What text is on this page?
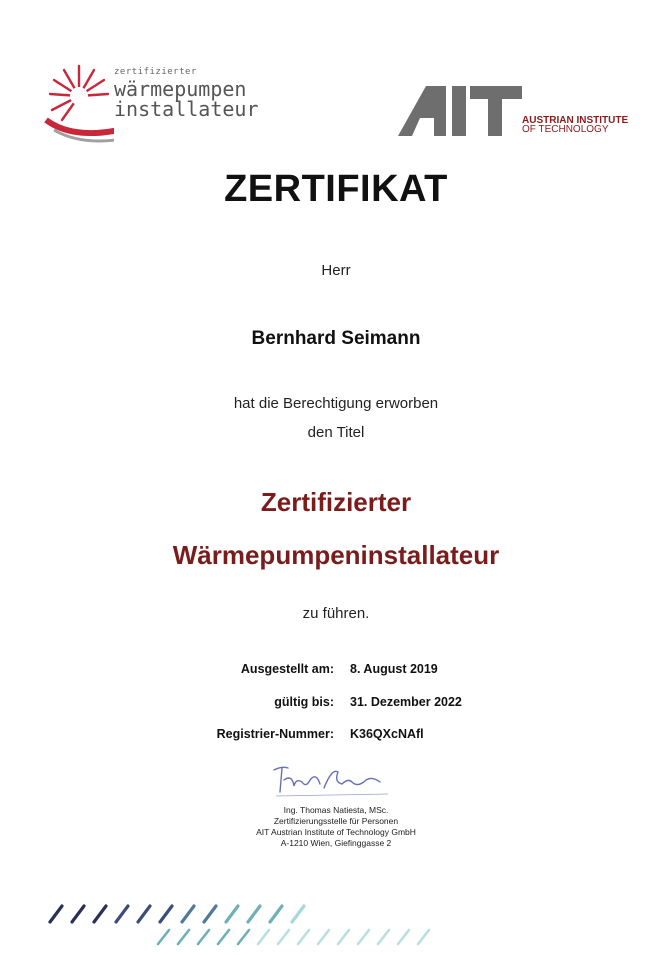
zertifizierter
wärmepumpen
installateur	AUSTRIAN INSTITUTE
OF TECHNOLOGY
ZERTIFIKAT
Herr
Bernhard Seimann
hat die Berechtigung erworben
den Titel
Zertifizierter
Wärmepumpeninstallateur
zu führen.
Ausgestellt am: 8. August 2019
gültig bis: 31. Dezember 2022
Registrier-Nummer: K36QXcNAfl
Ing. Thomas Natiesta, MSc.
Zertifizierungsstelle für Personen
AIT Austrian Institute of Technology GmbH
A-1210 Wien, Giefinggasse 2
